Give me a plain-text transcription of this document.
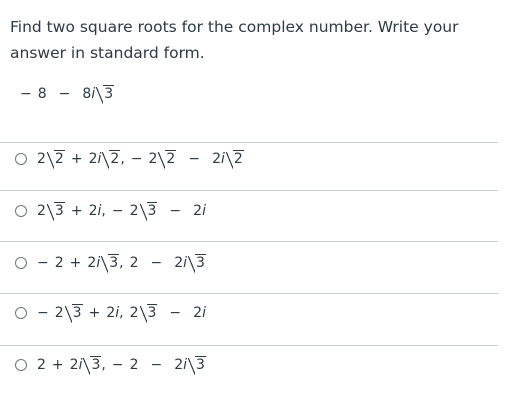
Find two square roots for the complex number. Write your answer in standard form.
− 8 − 8i 3
2 2 + 2i 2, − 2 2 − 2i 2
2 3 + 2i, − 2 3 − 2i
− 2 + 2i 3, 2 − 2i 3
− 2 3 + 2i, 2 3 − 2i
2 + 2i 3, − 2 − 2i 3
